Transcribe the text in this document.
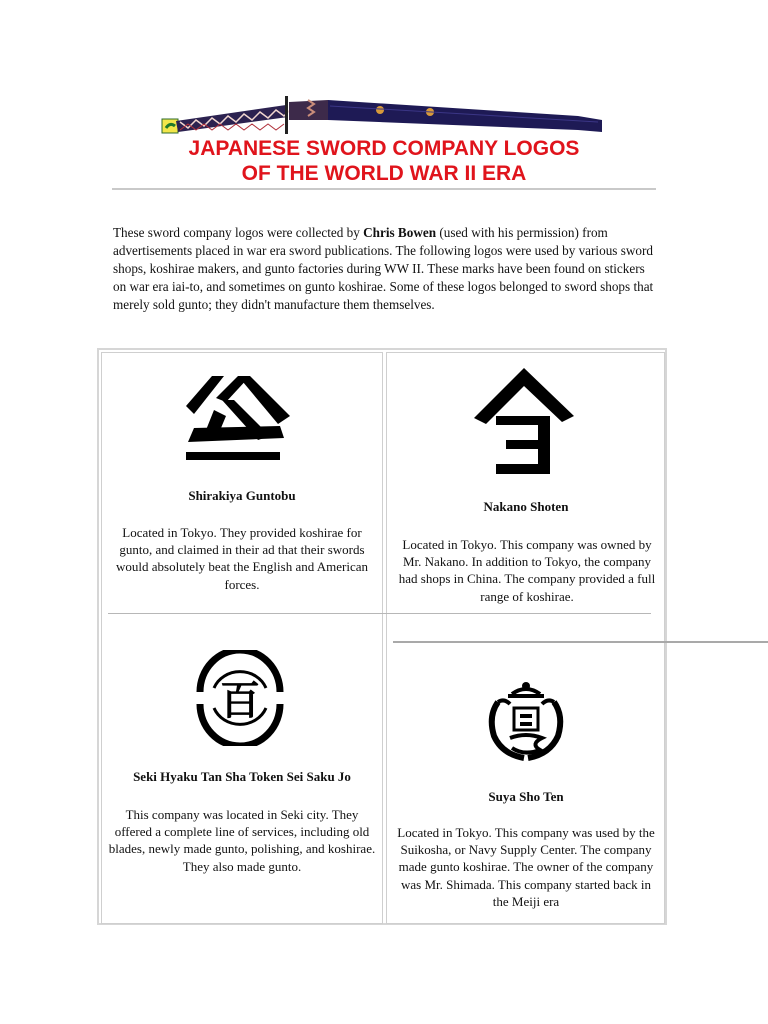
JAPANESE SWORD COMPANY LOGOS
OF THE WORLD WAR II ERA

These sword company logos were collected by Chris Bowen (used with his permission) from advertisements placed in war era sword publications. The following logos were used by various sword shops, koshirae makers, and gunto factories during WW II. These marks have been found on stickers on war era iai-to, and sometimes on gunto koshirae. Some of these logos belonged to sword shops that merely sold gunto; they didn't manufacture them themselves.

Shirakiya Guntobu

Located in Tokyo. They provided koshirae for gunto, and claimed in their ad that their swords would absolutely beat the English and American forces.

Nakano Shoten

Located in Tokyo. This company was owned by Mr. Nakano. In addition to Tokyo, the company had shops in China. The company provided a full range of koshirae.

百

Seki Hyaku Tan Sha Token Sei Saku Jo

This company was located in Seki city. They offered a complete line of services, including old blades, newly made gunto, polishing, and koshirae. They also made gunto.

Suya Sho Ten

Located in Tokyo. This company was used by the Suikosha, or Navy Supply Center. The company made gunto koshirae. The owner of the company was Mr. Shimada. This company started back in the Meiji era
